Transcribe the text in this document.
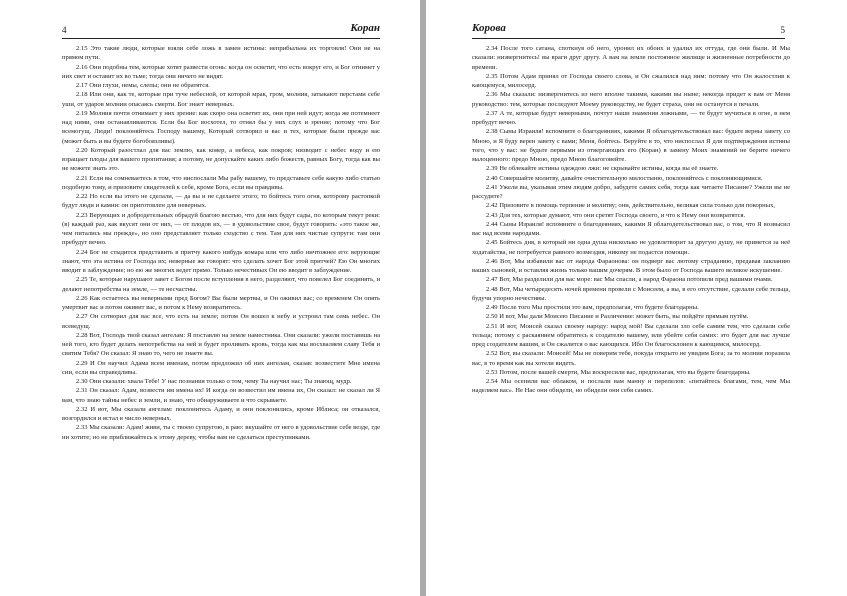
4	Коран

2.15 Это такие люди, которые взяли себе ложь в замен истины: неприбыльна их торговля! Они не на прямом пути.

2.16 Они подобны тем, которые хотят развести огонь: когда он осветит, что есть вокруг его, и Бог отнимет у них свет и оставит их во тьме; тогда они ничего не видят.

2.17 Они глухи, немы, слепы; они не обратятся.

2.18 Или они, как те, которые при туче небесной, от которой мрак, гром, молния, затыкают перстами себе уши, от ударов молнии опасаясь смерти. Бог знает неверных.

2.19 Молния почти отнимает у них зрение: как скоро она осветит их, они при ней идут; когда же потемнеет над ними, они останавливаются. Если бы Бог восхотел, то отнял бы у них слух и зрение; потому что Бог всемогущ. Люди! поклоняйтесь Господу вашему, Который сотворил и вас и тех, которые были прежде вас (может быть и вы будете богобоязливы).

2.20 Который разостлал для вас землю, как ковер, а небеса, как покров; низводит с небес воду и ею взращает плоды для вашего пропитания; а потому, не допускайте каких либо божеств, равных Богу, тогда как вы не можете знать это.

2.21 Если вы сомневаетесь в том, что ниспослали Мы рабу вашему, то представьте себе какую либо статью подобную тому, и призовите свидетелей к себе, кроме Бога, если вы правдивы.

2.22 Но если вы этого не сделали, — да вы и не сделаете этого; то бойтесь того огня, которому растопкой будут люди и камни: он приготовлен для неверных.

2.23 Верующих и добродетельных обрадуй благою вестью, что для них будут сады, по которым текут реки: (в) каждый раз, как вкусят они от них, — от плодов их, — в удовольствие свое, будут говорить: «это такое же, чем питались мы прежде», но оно представляет только сходство с тем. Там для них чистые супруги: там они пребудут вечно.

2.24 Бог не стыдится представить в притчу какого нибудь комара или что либо ничтожнее его: верующие знают, что эта истина от Господа их; неверные же говорят: что сделать хочет Бог этой притчей? Ею Он многих вводит в заблуждение; но ею же многих ведет прямо. Только нечестивых Он ею вводит в заблуждение.

2.25 Те, которые нарушают завет с Богом после вступления в него, разделяют, что повелел Бог соединять, и делают непотребства на земле, — те несчастны.

2.26 Как остаетесь вы неверными пред Богом? Вы были мертвы, и Он оживил вас; со временем Он опять умертвит вас и потом оживит вас, и потом к Нему возвратитесь.

2.27 Он сотворил для вас все, что есть на земле; потом Он вошел к небу и устроил там семь небес. Он всеведущ.

2.28 Вот, Господь твой сказал ангелам: Я поставлю на земле наместника. Они сказали: ужели поставишь на ней того, кто будет делать непотребства на ней и будет проливать кровь, тогда как мы восхваляем славу Тебя и святим Тебя? Он сказал: Я знаю то, чего не знаете вы.

2.29 И Он научил Адама всем именам, потом предложил об них ангелам, сказав: возвестите Мне имена сии, если вы справедливы.

2.30 Они сказали: хвала Тебе! У нас познания только о том, чему Ты научил нас; Ты знающ, мудр.

2.31 Он сказал: Адам, возвести им имена их! И когда он возвестил им имена их, Он сказал: не сказал ли Я вам, что знаю тайны небес и земли, и знаю, что обнаруживаете и что скрываете.

2.32 И вот, Мы сказали ангелам: поклонитесь Адаму, и они поклонились, кроме Иблиса; он отказался, возгордился и встал в число неверных.

2.33 Мы сказали: Адам! живи, ты с твоею супругою, в раю: вкушайте от него в удовольствие себе везде, где ни хотите; но не приближайтесь к этому дереву, чтобы вам не сделаться преступниками.

Корова	5

2.34 После того сатана, споткнув об него, уронил их обоих и удалил их оттуда, где они были. И Мы сказали: низвергнитесь! вы враги друг другу. А вам на земле постоянное жилище и жизненные потребности до времени.

2.35 Потом Адам принял от Господа своего слова, и Он сжалился над ним: потому что Он жалостлив к кающемуся, милосерд.

2.36 Мы сказали: низвергнитесь из него вполне такими, какими вы ныне; некогда придет к вам от Меня руководство: тем, которые последуют Моему руководству, не будет страха, они не останутся в печали.

2.37 А те, которые будут неверными, почтут наши знамения ложными, — те будут мучиться в огне, в нем пребудут вечно.

2.38 Сыны Израиля! вспомните о благодеяниях, какими Я облагодетельствовал вас: будьте верны завету со Мною, и Я буду верен завету с вами; Меня, бойтесь. Веруйте в то, что ниспослал Я для подтверждения истины того, что у вас: не будьте первыми из отвергающих его (Коран) в замену Моих знамений не берите ничего малоценного: предо Мною, предо Мною благоговейте.

2.39 Не облекайте истины одеждою лжи: не скрывайте истины, когда вы её знаете.

2.40 Совершайте молитву, давайте очистительную милостыню, поклоняйтесь с поклоняющимися.

2.41 Ужели вы, указывая этим людям добро, забудете самих себя, тогда как читаете Писание? Ужели вы не рассудите?

2.42 Призовите в помощь терпение и молитву; они, действительно, великая сила только для покорных,

2.43 Для тех, которые думают, что они сретят Господа своего, и что к Нему они возвратятся.

2.44 Сыны Израиля! вспомните о благодеяниях, какими Я облагодетельствовал вас, о том, что Я возвысил вас над всеми народами.

2.45 Бойтесь дня, в который ни одна душа нисколько не удовлетворит за другую душу, не примется за неё ходатайства, не потребуется равного возмездия, никому не подастся помощи.

2.46 Вот, Мы избавили вас от народа Фараонова: он подверг вас лютому страданию, предавая закланию ваших сыновей, и оставляя жизнь только вашим дочерям. В этом было от Господа вашего великое искушение.

2.47 Вот, Мы разделили для вас море: вас Мы спасли, а народ Фараона потопили пред вашими очами.

2.48 Вот, Мы четыредесять ночей времени провели с Моисеем, а вы, в его отсутствие, сделали себе тельца, будучи упорно нечестивы.

2.49 После того Мы простили это вам, предполагая, что будете благодарны.

2.50 И вот, Мы дали Моисею Писание и Различение: может быть, вы пойдёте прямым путём.

2.51 И вот, Моисей сказал своему народу: народ мой! Вы сделали зло себе самим тем, что сделали себе тельца; потому с раскаянием обратитесь к создателю вашему, или убейте себя самих: это будет для вас лучше пред создателем вашим, и Он сжалится о вас кающихся. Ибо Он благосклонен к кающимся, милосерд.

2.52 Вот, вы сказали: Моисей! Мы не поверим тебе, покуда открыто не увидим Бога; за то молния поразила вас, в то время как вы хотели видеть.

2.53 Потом, после вашей смерти, Мы воскресили вас, предполагая, что вы будете благодарны.

2.54 Мы осенили вас облаком, и послали вам манну и перепелов: «питайтесь благами, тем, чем Мы наделяем вас». Не Нас они обидели, но обидели они себя самих.
